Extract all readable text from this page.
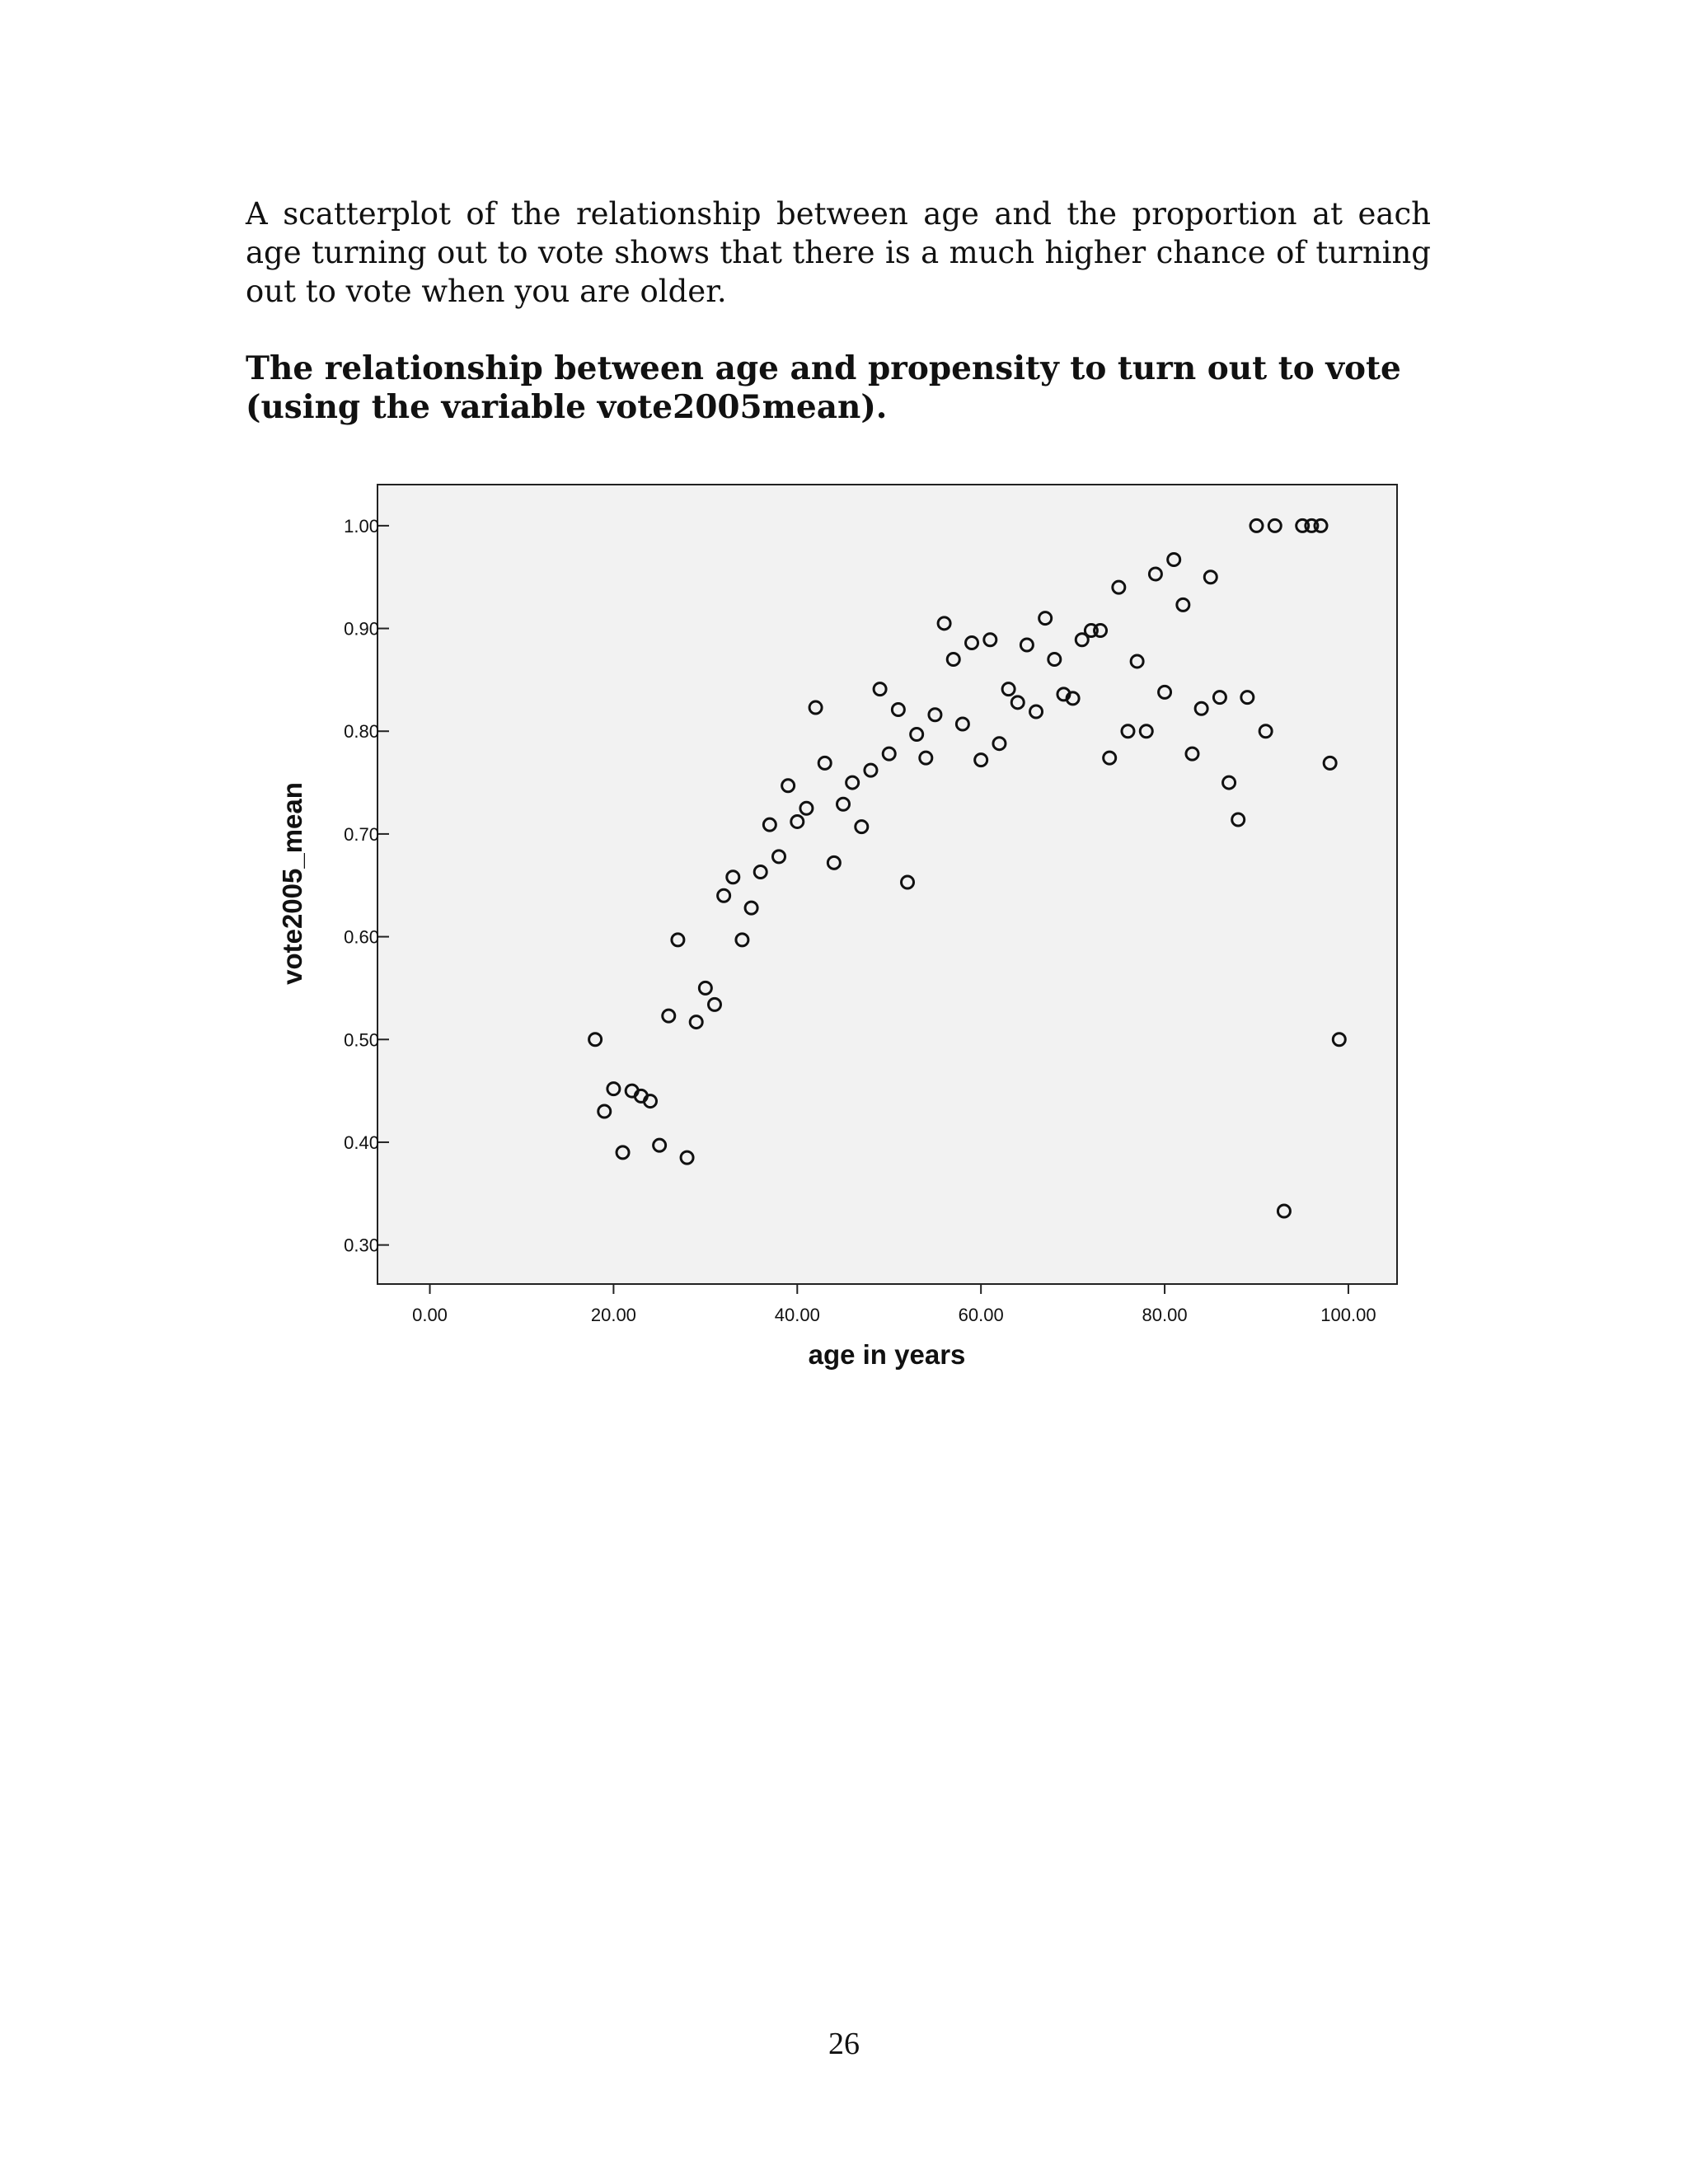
A scatterplot of the relationship between age and the proportion at each age turning out to vote shows that there is a much higher chance of turning out to vote when you are older.

The relationship between age and propensity to turn out to vote
(using the variable vote2005mean).
0.30
0.40
0.50
0.60
0.70
0.80
0.90
1.00
0.00	20.00	40.00	60.00	80.00	100.00
age in years
vote2005_mean
26
